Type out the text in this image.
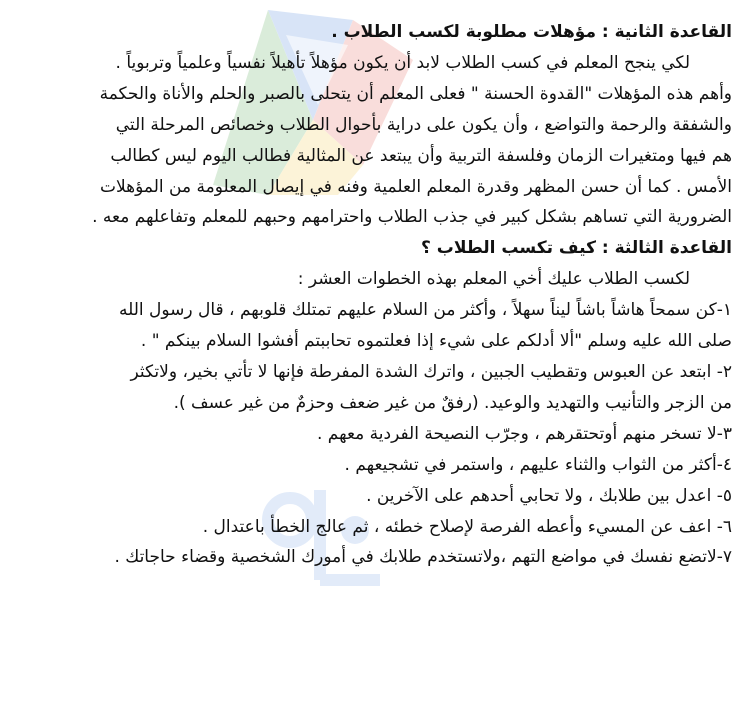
القاعدة الثانية : مؤهلات مطلوبة لكسب الطلاب .
لكي ينجح المعلم في كسب الطلاب لابد أن يكون مؤهلاً تأهيلاً نفسياً وعلمياً وتربوياً .
وأهم هذه المؤهلات "القدوة الحسنة " فعلى المعلم أن يتحلى بالصبر والحلم والأناة والحكمة
والشفقة والرحمة والتواضع ، وأن يكون على دراية بأحوال الطلاب وخصائص المرحلة التي
هم فيها ومتغيرات الزمان وفلسفة التربية وأن يبتعد عن المثالية فطالب اليوم ليس كطالب
الأمس . كما أن حسن المظهر وقدرة المعلم العلمية وفنه في إيصال المعلومة من المؤهلات
الضرورية التي تساهم بشكل كبير في جذب الطلاب واحترامهم وحبهم للمعلم وتفاعلهم معه .
القاعدة الثالثة : كيف تكسب الطلاب ؟
لكسب الطلاب عليك أخي المعلم بهذه الخطوات العشر :
١-كن سمحاً هاشاً باشاً ليناً سهلاً ، وأكثر من السلام عليهم تمتلك قلوبهم ، قال رسول الله
صلى الله عليه وسلم "ألا أدلكم على شيء إذا فعلتموه تحاببتم أفشوا السلام بينكم " .
٢- ابتعد عن العبوس وتقطيب الجبين ، واترك الشدة المفرطة فإنها لا تأتي بخير، ولاتكثر
من الزجر والتأنيب والتهديد والوعيد. (رفقٌ من غير ضعف وحزمٌ من غير عسف ).
٣-لا تسخر منهم أوتحتقرهم ، وجرّب النصيحة الفردية معهم .
٤-أكثر من الثواب والثناء عليهم ، واستمر في تشجيعهم .
٥- اعدل بين طلابك ، ولا تحابي أحدهم على الآخرين .
٦- اعف عن المسيء وأعطه الفرصة لإصلاح خطئه ، ثم عالج الخطأ باعتدال .
٧-لاتضع نفسك في مواضع التهم ،ولاتستخدم طلابك في أمورك الشخصية وقضاء حاجاتك .
